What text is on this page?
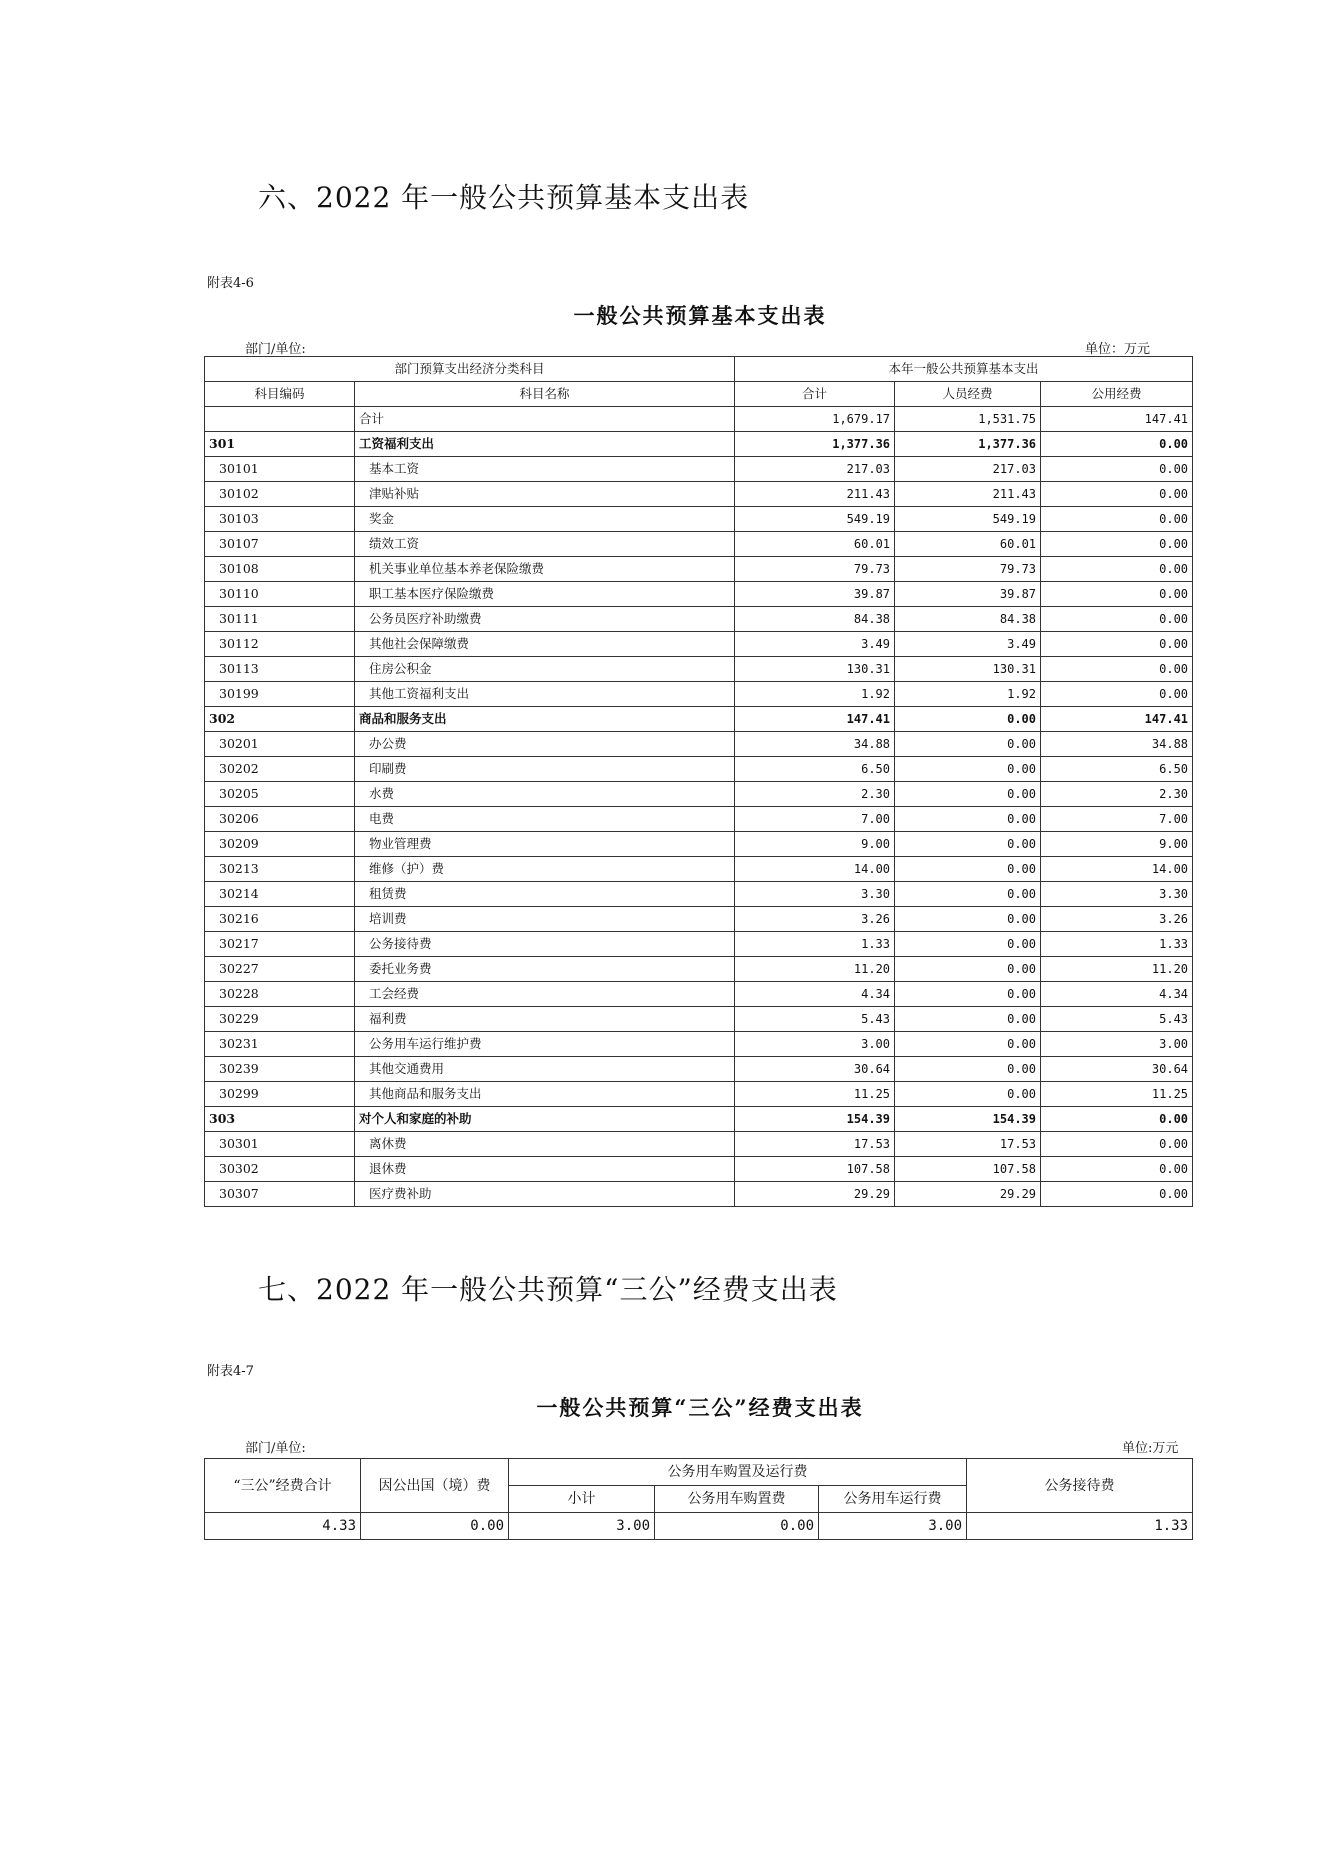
六、2022 年一般公共预算基本支出表
附表4-6
一般公共预算基本支出表
部门/单位:	单位：万元
部门预算支出经济分类科目		本年一般公共预算基本支出		
科目编码	科目名称	合计	人员经费	公用经费
	合计	1,679.17	1,531.75	147.41
301	工资福利支出	1,377.36	1,377.36	0.00
30101	基本工资	217.03	217.03	0.00
30102	津贴补贴	211.43	211.43	0.00
30103	奖金	549.19	549.19	0.00
30107	绩效工资	60.01	60.01	0.00
30108	机关事业单位基本养老保险缴费	79.73	79.73	0.00
30110	职工基本医疗保险缴费	39.87	39.87	0.00
30111	公务员医疗补助缴费	84.38	84.38	0.00
30112	其他社会保障缴费	3.49	3.49	0.00
30113	住房公积金	130.31	130.31	0.00
30199	其他工资福利支出	1.92	1.92	0.00
302	商品和服务支出	147.41	0.00	147.41
30201	办公费	34.88	0.00	34.88
30202	印刷费	6.50	0.00	6.50
30205	水费	2.30	0.00	2.30
30206	电费	7.00	0.00	7.00
30209	物业管理费	9.00	0.00	9.00
30213	维修（护）费	14.00	0.00	14.00
30214	租赁费	3.30	0.00	3.30
30216	培训费	3.26	0.00	3.26
30217	公务接待费	1.33	0.00	1.33
30227	委托业务费	11.20	0.00	11.20
30228	工会经费	4.34	0.00	4.34
30229	福利费	5.43	0.00	5.43
30231	公务用车运行维护费	3.00	0.00	3.00
30239	其他交通费用	30.64	0.00	30.64
30299	其他商品和服务支出	11.25	0.00	11.25
303	对个人和家庭的补助	154.39	154.39	0.00
30301	离休费	17.53	17.53	0.00
30302	退休费	107.58	107.58	0.00
30307	医疗费补助	29.29	29.29	0.00
七、2022 年一般公共预算“三公”经费支出表
附表4-7
一般公共预算“三公”经费支出表
部门/单位:	单位:万元
“三公”经费合计	因公出国（境）费	公务用车购置及运行费			公务接待费
		小计	公务用车购置费	公务用车运行费	
4.33	0.00	3.00	0.00	3.00	1.33
